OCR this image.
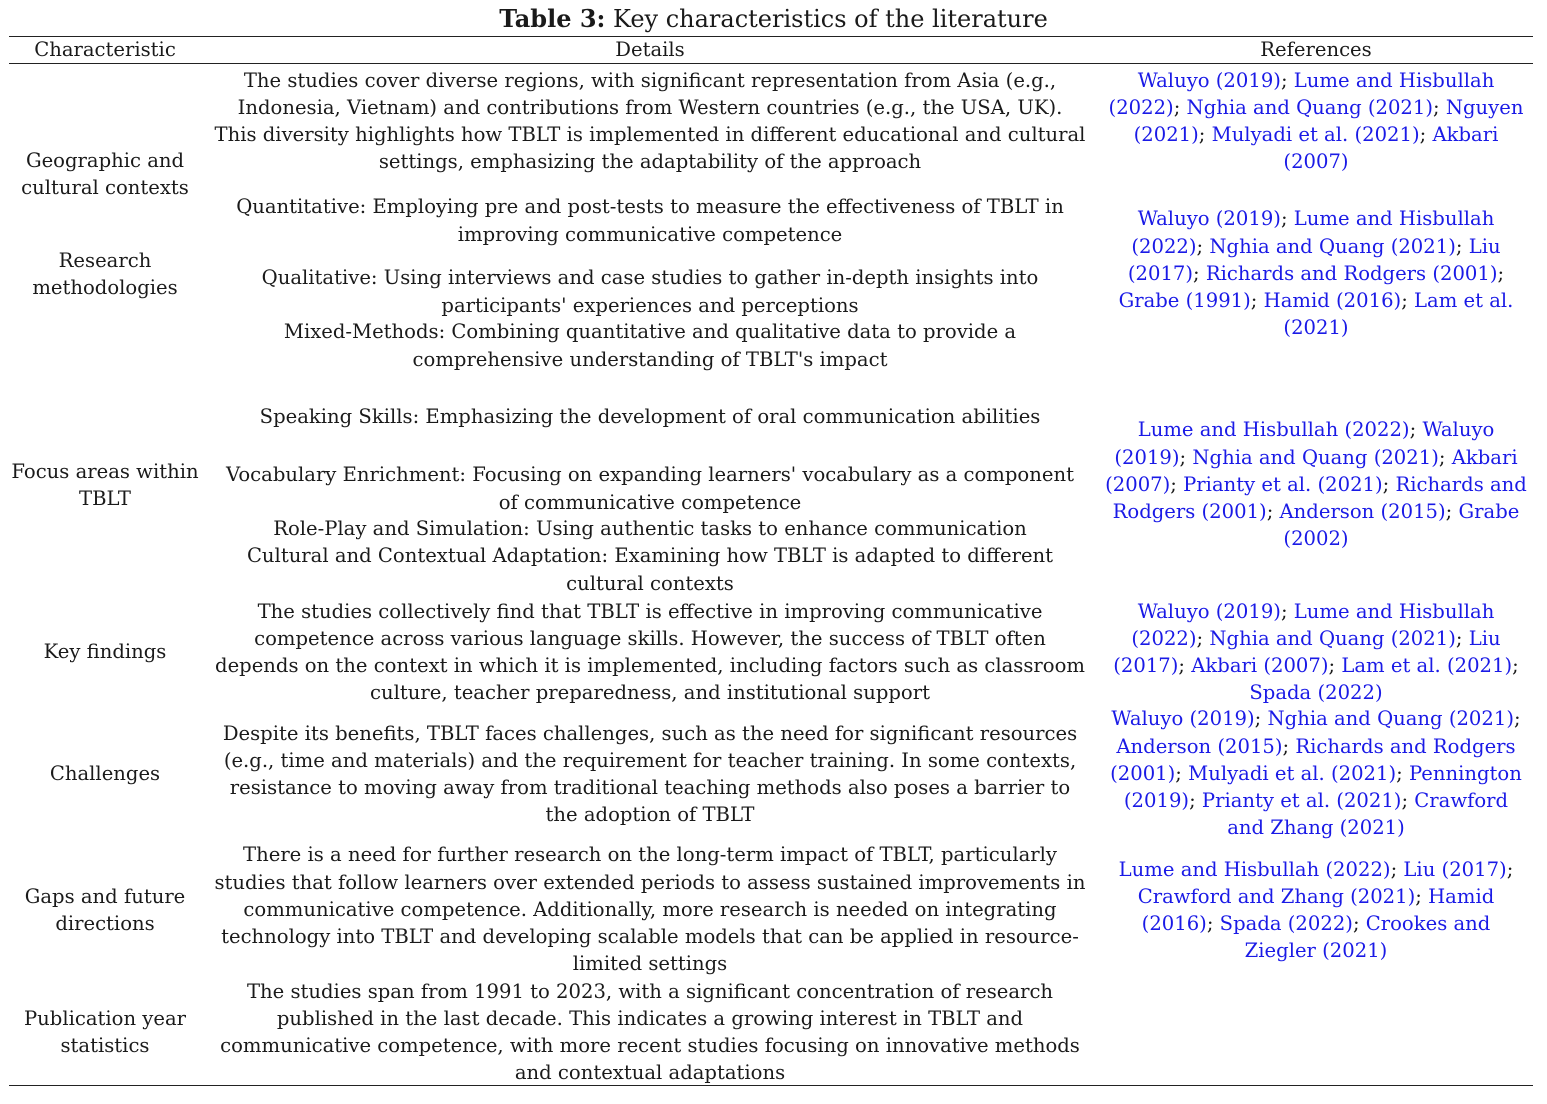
Table 3: Key characteristics of the literature
Characteristic	Details	References
Geographic and cultural contexts
The studies cover diverse regions, with significant representation from Asia (e.g., Indonesia, Vietnam) and contributions from Western countries (e.g., the USA, UK). This diversity highlights how TBLT is implemented in different educational and cultural settings, emphasizing the adaptability of the approach
Waluyo (2019); Lume and Hisbullah (2022); Nghia and Quang (2021); Nguyen (2021); Mulyadi et al. (2021); Akbari (2007)
Research methodologies
Quantitative: Employing pre and post-tests to measure the effectiveness of TBLT in improving communicative competence
Qualitative: Using interviews and case studies to gather in-depth insights into participants' experiences and perceptions
Mixed-Methods: Combining quantitative and qualitative data to provide a comprehensive understanding of TBLT's impact
Waluyo (2019); Lume and Hisbullah (2022); Nghia and Quang (2021); Liu (2017); Richards and Rodgers (2001); Grabe (1991); Hamid (2016); Lam et al. (2021)
Focus areas within TBLT
Speaking Skills: Emphasizing the development of oral communication abilities
Vocabulary Enrichment: Focusing on expanding learners' vocabulary as a component of communicative competence
Role-Play and Simulation: Using authentic tasks to enhance communication
Cultural and Contextual Adaptation: Examining how TBLT is adapted to different cultural contexts
Lume and Hisbullah (2022); Waluyo (2019); Nghia and Quang (2021); Akbari (2007); Prianty et al. (2021); Richards and Rodgers (2001); Anderson (2015); Grabe (2002)
Key findings
The studies collectively find that TBLT is effective in improving communicative competence across various language skills. However, the success of TBLT often depends on the context in which it is implemented, including factors such as classroom culture, teacher preparedness, and institutional support
Waluyo (2019); Lume and Hisbullah (2022); Nghia and Quang (2021); Liu (2017); Akbari (2007); Lam et al. (2021); Spada (2022)
Challenges
Despite its benefits, TBLT faces challenges, such as the need for significant resources (e.g., time and materials) and the requirement for teacher training. In some contexts, resistance to moving away from traditional teaching methods also poses a barrier to the adoption of TBLT
Waluyo (2019); Nghia and Quang (2021); Anderson (2015); Richards and Rodgers (2001); Mulyadi et al. (2021); Pennington (2019); Prianty et al. (2021); Crawford and Zhang (2021)
Gaps and future directions
There is a need for further research on the long-term impact of TBLT, particularly studies that follow learners over extended periods to assess sustained improvements in communicative competence. Additionally, more research is needed on integrating technology into TBLT and developing scalable models that can be applied in resource-limited settings
Lume and Hisbullah (2022); Liu (2017); Crawford and Zhang (2021); Hamid (2016); Spada (2022); Crookes and Ziegler (2021)
Publication year statistics
The studies span from 1991 to 2023, with a significant concentration of research published in the last decade. This indicates a growing interest in TBLT and communicative competence, with more recent studies focusing on innovative methods and contextual adaptations
